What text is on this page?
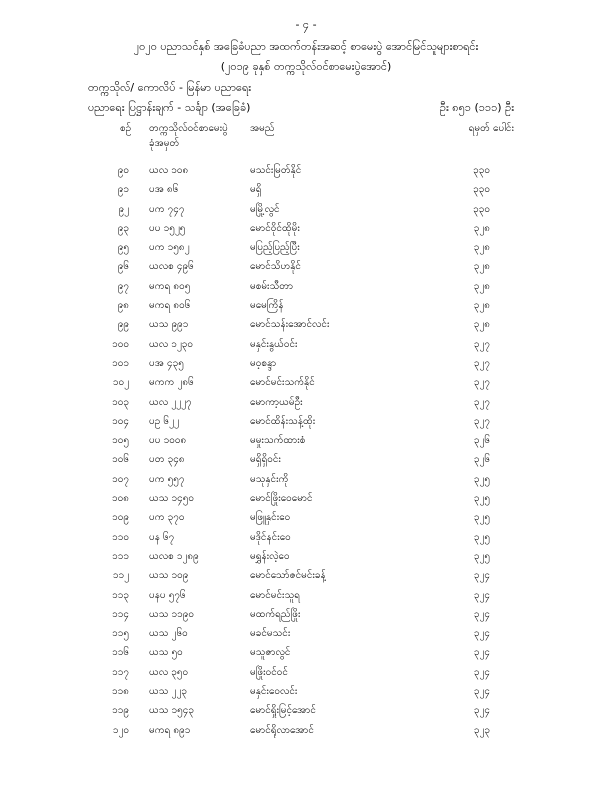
- ၄ -
၂၀၂၀ ပညာသင်နှစ် အခြေခံပညာ အထက်တန်းအဆင့် စာမေးပွဲ အောင်မြင်သူများစာရင်း
(၂၀၁၉ ခုနှစ် တက္ကသိုလ်ဝင်စာမေးပွဲအောင်)
တက္ကသိုလ်/ ကောလိပ် - မြန်မာ ပညာရေး
ပညာရေး ပြဋ္ဌာန်းချက် - သင်္ချာ (အခြေခံ)	ဦး ၈၅၁ (၁၁၁) ဦး
စဉ် တက္ကသိုလ်ဝင်စာမေးပွဲ
ခုံအမှတ်
အမည်	ရမှတ် ပေါင်း
၉၀ ယလ ၁၀၈	မသင်းမြတ်နိုင်	၃၃၀
၉၁ ပအ ၈၆	မရှိ	၃၃၀
၉၂ ပက ၇၄၇	မမြို့လွင်	၃၃၀
၉၃ ပပ ၁၅၂၅	မောင်ဝိုင်ထိုမိုး	၃၂၈
၉၅ ပက ၁၅၈၂	မပြည့်ပြည့်ပြီး	၃၂၈
၉၆ ယလစ ၄၉၆	မောင်သိဟနိုင်	၃၂၈
၉၇ မကရ ၈၀၅	မစမ်းသီတာ	၃၂၈
၉၈ မကရ ၈၀၆	မမေကြိန်	၃၂၈
၉၉ ယသ ၉၉၁	မောင်သန်းအောင်လင်း	၃၂၈
၁၀၀ ယလ ၁၂၃၀	မနှင်းနွယ်ဝင်း	၃၂၇
၁၀၁ ပအ ၄၃၅	မဝ့စန္ဒာ	၃၂၇
၁၀၂ မကက ၂၈၆	မောင်မင်းသက်နိုင်	၃၂၇
၁၀၃ ယလ ၂၂၂၇	မောကာ့ယမ်ဦး	၃၂၇
၁၀၄ ပဥ ၆၂၂	မောင်ထိန်းသန့်ထိုး	၃၂၇
၁၀၅ ပပ ၁၀၀၈	မမှုးသက်ထားစံ	၃၂၆
၁၀၆ ပတ ၃၄၈	မရှိရှိဝင်း	၃၂၆
၁၀၇ ပက ၅၅၇	မသုနှင်းကို	၃၂၅
၁၀၈ ယသ ၁၄၅၀	မောင်ဖြိုးဝေမောင်	၃၂၅
၁၀၉ ပက ၃၇၀	မဖြူနှင်းဝေ	၃၂၅
၁၁၀ ပန ၆၇	မဒိုင်နင်းဝေ	၃၂၅
၁၁၁ ယလစ ၁၂၈၉	မရွှန်းလဲ့ဝေ	၃၂၅
၁၁၂ ယသ ၁၀၉	မောင်သော်ဇင်မင်းခန့်	၃၂၄
၁၁၃ ပနပ ၅၇၆	မောင်မင်းသူရ	၃၂၄
၁၁၄ ယသ ၁၁၉၀	မထက်ရည်ဖြိုး	၃၂၄
၁၁၅ ယသ ၂၆၀	မခင်မသင်း	၃၂၄
၁၁၆ ယသ ၅၀	မသူဇာလွင်	၃၂၄
၁၁၇ ယလ ၃၅၀	မဖြိုးဝင်ဝင်	၃၂၄
၁၁၈ ယသ ၂၂၃	မနှင်းဝေလင်း	၃၂၄
၁၁၉ ယသ ၁၅၄၃	မောင်ရှိုးမြင့်အောင်	၃၂၄
၁၂၀ မကရ ၈၉၁	မောင်ရိုလာအောင်	၃၂၃
